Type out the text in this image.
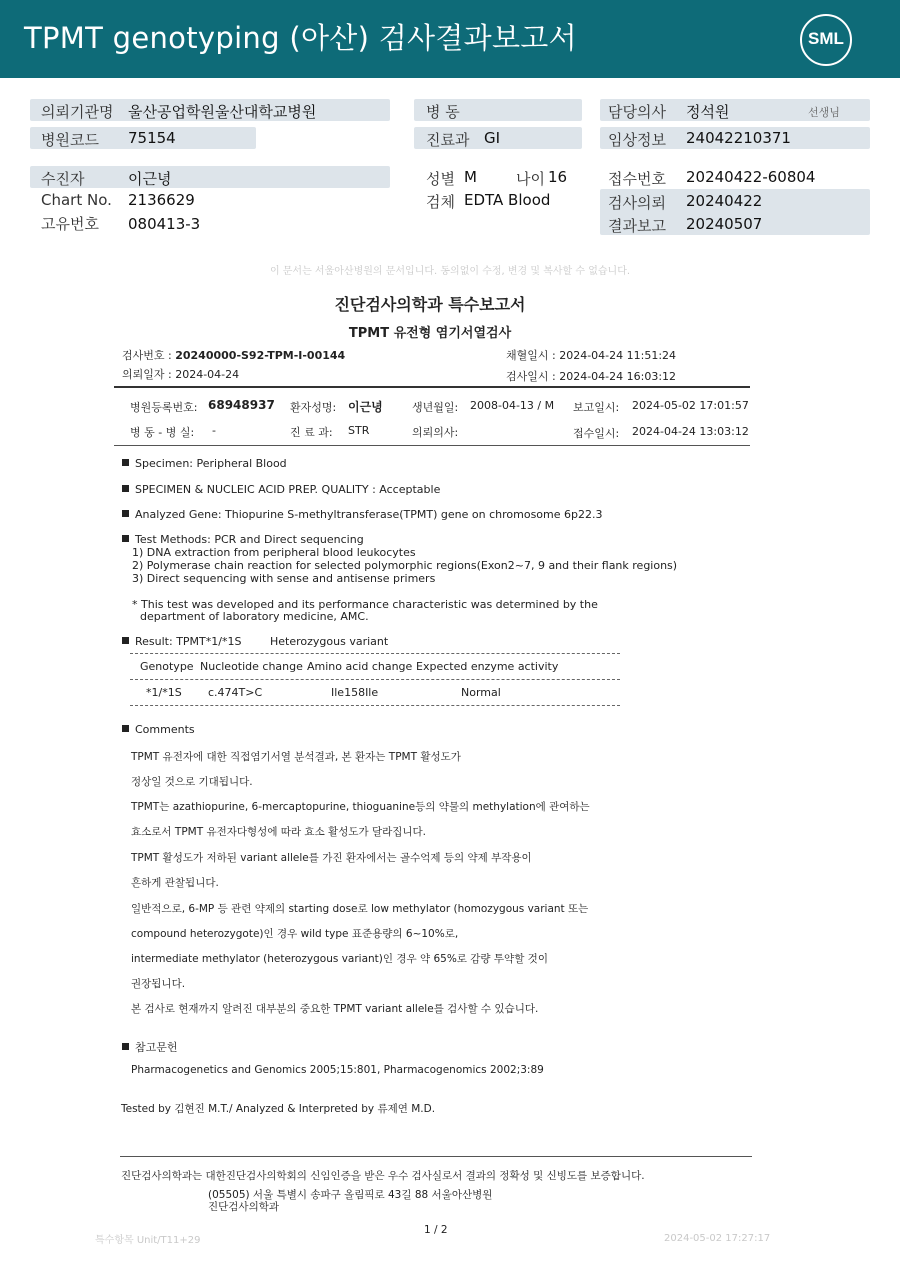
TPMT genotyping (아산) 검사결과보고서	SML
의뢰기관명 울산공업학원울산대학교병원
병원코드 75154
병 동
진료과 GI
담당의사 정석원	선생님
임상정보 24042210371
수진자	이근녕
Chart No. 2136629
고유번호 080413-3
성별 M	나이 16
검체 EDTA Blood
접수번호 20240422-60804
검사의뢰 20240422
결과보고 20240507
이 문서는 서울아산병원의 문서입니다. 동의없이 수정, 변경 및 복사할 수 없습니다.
진단검사의학과 특수보고서
TPMT 유전형 염기서열검사
검사번호 : 20240000-S92-TPM-I-00144
의뢰일자 : 2024-04-24
채혈일시 : 2024-04-24 11:51:24
검사일시 : 2024-04-24 16:03:12
병원등록번호: 68948937 환자성명: 이근녕	생년월일: 2008-04-13 / M 보고일시: 2024-05-02 17:01:57
병 동 - 병 실: -	진 료 과: STR	의뢰의사:	접수일시: 2024-04-24 13:03:12
Specimen: Peripheral Blood
SPECIMEN & NUCLEIC ACID PREP. QUALITY : Acceptable
Analyzed Gene: Thiopurine S-methyltransferase(TPMT) gene on chromosome 6p22.3
Test Methods: PCR and Direct sequencing
1) DNA extraction from peripheral blood leukocytes
2) Polymerase chain reaction for selected polymorphic regions(Exon2~7, 9 and their flank regions)
3) Direct sequencing with sense and antisense primers
* This test was developed and its performance characteristic was determined by the
department of laboratory medicine, AMC.
Result: TPMT*1/*1S	Heterozygous variant
Genotype Nucleotide change Amino acid change Expected enzyme activity
*1/*1S c.474T>C	Ile158Ile	Normal
Comments
TPMT 유전자에 대한 직접염기서열 분석결과, 본 환자는 TPMT 활성도가
정상일 것으로 기대됩니다.
TPMT는 azathiopurine, 6-mercaptopurine, thioguanine등의 약물의 methylation에 관여하는
효소로서 TPMT 유전자다형성에 따라 효소 활성도가 달라집니다.
TPMT 활성도가 저하된 variant allele를 가진 환자에서는 골수억제 등의 약제 부작용이
흔하게 관찰됩니다.
일반적으로, 6-MP 등 관련 약제의 starting dose로 low methylator (homozygous variant 또는
compound heterozygote)인 경우 wild type 표준용량의 6~10%로,
intermediate methylator (heterozygous variant)인 경우 약 65%로 감량 투약할 것이
권장됩니다.
본 검사로 현재까지 알려진 대부분의 중요한 TPMT variant allele를 검사할 수 있습니다.
참고문헌
Pharmacogenetics and Genomics 2005;15:801, Pharmacogenomics 2002;3:89
Tested by 김현진 M.T./ Analyzed & Interpreted by 류제연 M.D.
진단검사의학과는 대한진단검사의학회의 신임인증을 받은 우수 검사실로서 결과의 정확성 및 신빙도를 보증합니다.
(05505) 서울 특별시 송파구 올림픽로 43길 88 서울아산병원
진단검사의학과
특수항목 Unit/T11+29
1 / 2
2024-05-02 17:27:17
